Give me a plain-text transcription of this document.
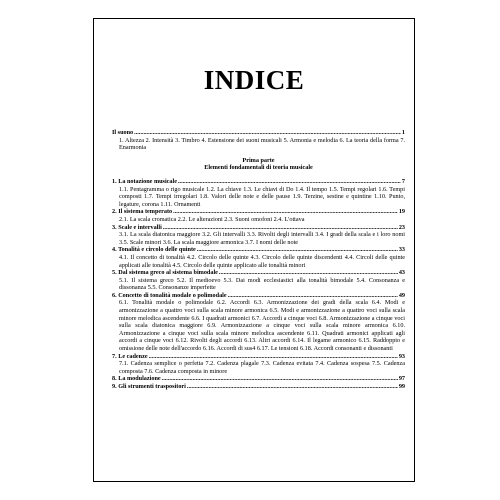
INDICE
Il suono .....	1
1. Altezza 2. Intensità 3. Timbro 4. Estensione dei suoni musicali 5. Armonia e melodia 6. La teoria della forma 7. Enarmonia
Prima parte
Elementi fondamentali di teoria musicale
1. La notazione musicale .....	7
1.1. Pentagramma o rigo musicale 1.2. La chiave 1.3. Le chiavi di Do 1.4. Il tempo 1.5. Tempi regolari 1.6. Tempi composti 1.7. Tempi irregolari 1.8. Valori delle note e delle pause 1.9. Terzine, sestine e quintine 1.10. Punto, legature, corona 1.11. Ornamenti
2. Il sistema temperato .....	19
2.1. La scala cromatica 2.2. Le alterazioni 2.3. Suoni omofoni 2.4. L'ottava
3. Scale e intervalli .....	23
3.1. La scala diatonica maggiore 3.2. Gli intervalli 3.3. Rivolti degli intervalli 3.4. I gradi della scala e i loro nomi 3.5. Scale minori 3.6. La scala maggiore armonica 3.7. I nomi delle note
4. Tonalità e circolo delle quinte .....	33
4.1. Il concetto di tonalità 4.2. Circolo delle quinte 4.3. Circolo delle quinte discendenti 4.4. Circoli delle quinte applicati alle tonalità 4.5. Circolo delle quinte applicato alle tonalità minori
5. Dal sistema greco al sistema bimodale .....	43
5.1. Il sistema greco 5.2. Il medioevo 5.3. Dai modi ecclesiastici alla tonalità bimodale 5.4. Consonanza e dissonanza 5.5. Consonanze imperfette
6. Concetto di tonalità modale o polimodale .....	49
6.1. Tonalità modale o polimodale 6.2. Accordi 6.3. Armonizzazione dei gradi della scala 6.4. Modi e armonizzazione a quattro voci sulla scala minore armonica 6.5. Modi e armonizzazione a quattro voci sulla scala minore melodica ascendente 6.6. I quadrati armonici 6.7. Accordi a cinque voci 6.8. Armonizzazione a cinque voci sulla scala diatonica maggiore 6.9. Armonizzazione a cinque voci sulla scala minore armonica 6.10. Armonizzazione a cinque voci sulla scala minore melodica ascendente 6.11. Quadrati armonici applicati agli accordi a cinque voci 6.12. Rivolti degli accordi 6.13. Altri accordi 6.14. Il legame armonico 6.15. Raddoppio e omissione delle note dell'accordo 6.16. Accordi di sus4 6.17. Le tensioni 6.18. Accordi consonanti e dissonanti
7. Le cadenze .....	93
7.1. Cadenza semplice o perfetta 7.2. Cadenza plagale 7.3. Cadenza evitata 7.4. Cadenza sospesa 7.5. Cadenza composta 7.6. Cadenza composta in minore
8. La modulazione .....	97
9. Gli strumenti traspositori .....	99
